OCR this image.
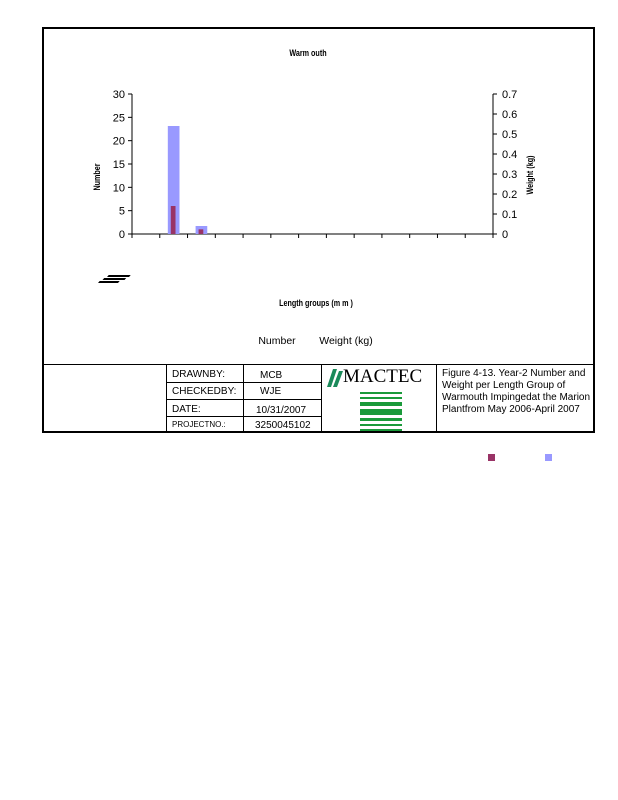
Warm outh
Number	Weight (kg)
Length groups (m m )
0
5
10
15
20
25
30
0
0.1
0.2
0.3
0.4
0.5
0.6
0.7
Number Weight (kg)
DRAWNBY:	MCB
CHECKEDBY: WJE
DATE:	10/31/2007
PROJECTNO.:	3250045102
MACTEC Figure 4-13. Year-2 Number and Weight per Length Group of Warmouth Impingedat the Marion Plantfrom May 2006-April 2007
